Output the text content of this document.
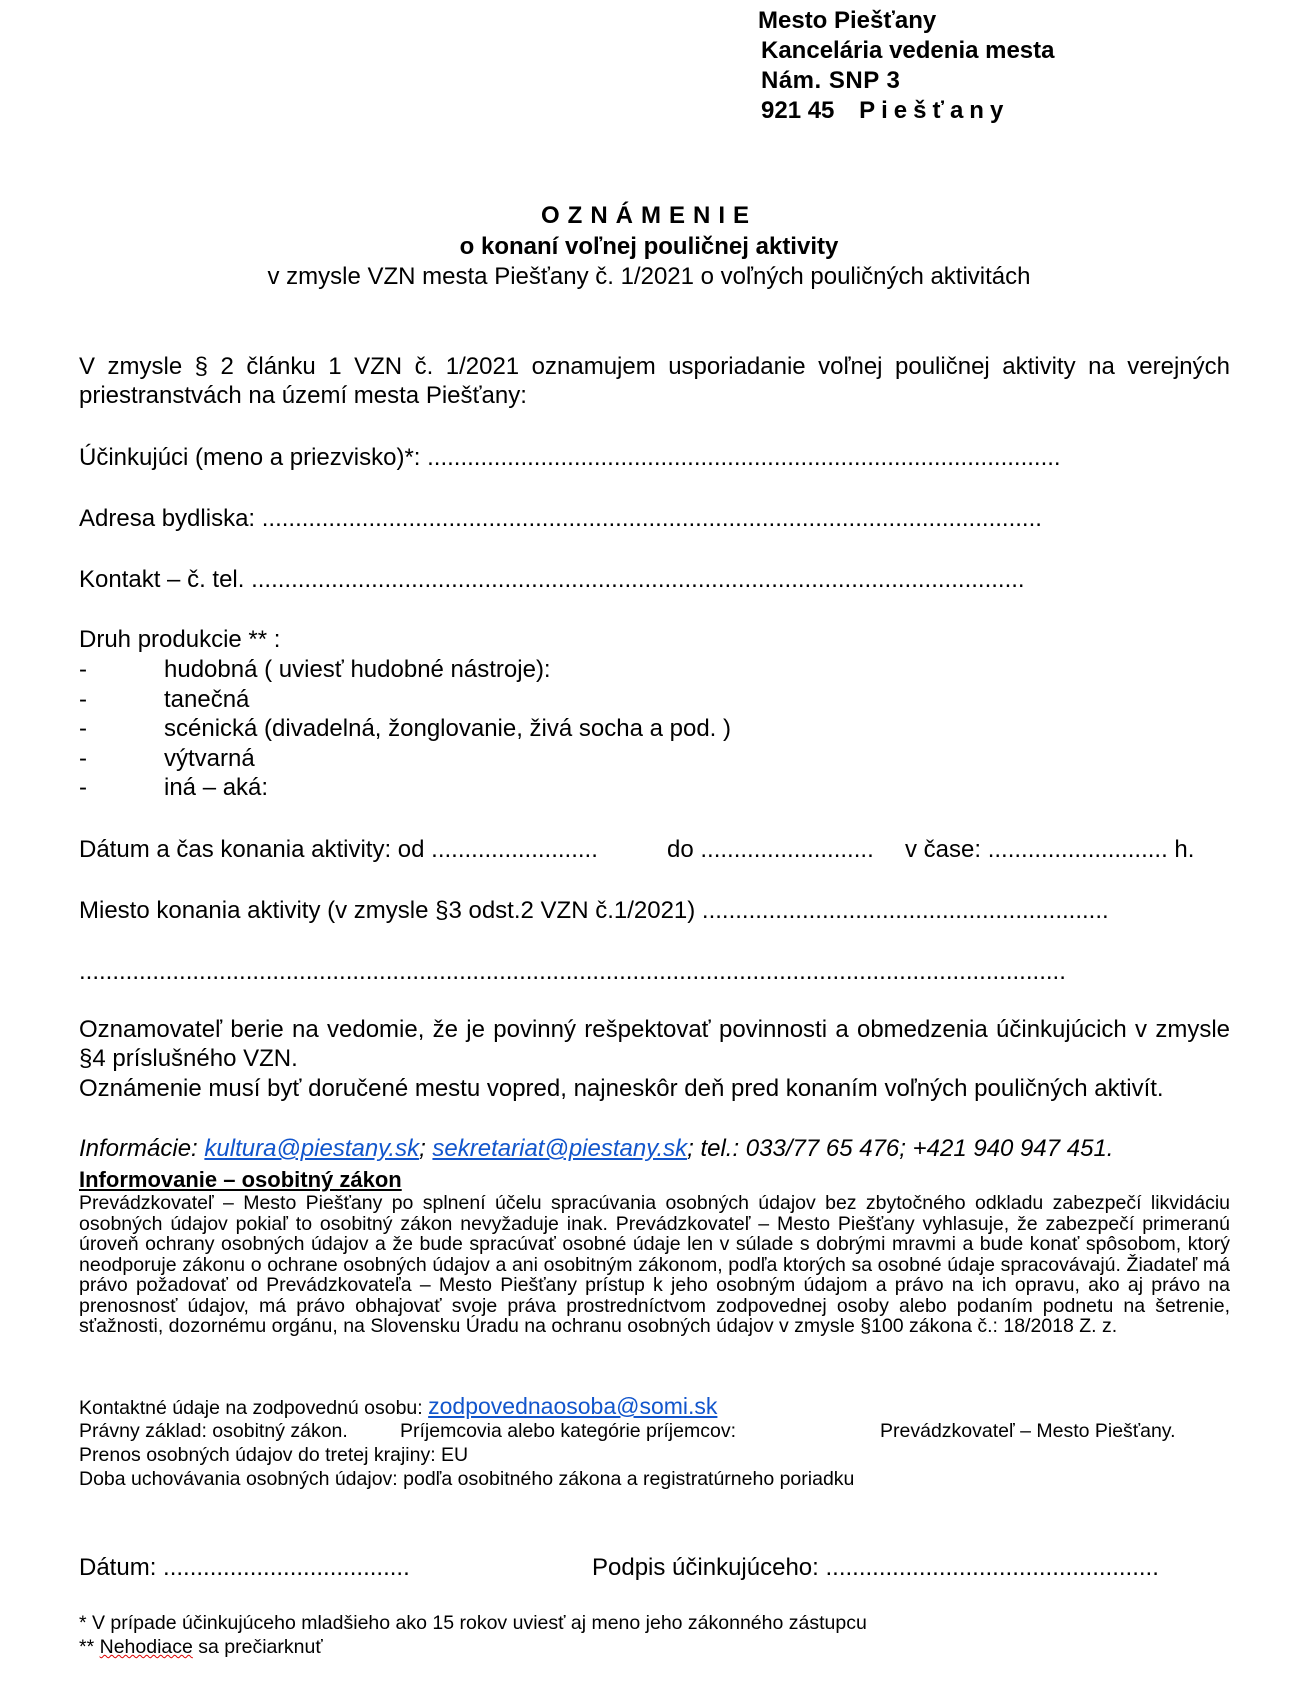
Mesto Piešťany
Kancelária vedenia mesta
Nám. SNP 3
921 45 Piešťany
OZNÁMENIE
o konaní voľnej pouličnej aktivity
v zmysle VZN mesta Piešťany č. 1/2021 o voľných pouličných aktivitách
V zmysle § 2 článku 1 VZN č. 1/2021 oznamujem usporiadanie voľnej pouličnej aktivity na verejných priestranstvách na území mesta Piešťany:
Účinkujúci (meno a priezvisko)*: ...............................................................................................
Adresa bydliska: .....................................................................................................................
Kontakt – č. tel. ....................................................................................................................
Druh produkcie ** :
-	hudobná ( uviesť hudobné nástroje):
-	tanečná
-	scénická (divadelná, žonglovanie, živá socha a pod. )
-	výtvarná
-	iná – aká:
Dátum a čas konania aktivity: od .........................	do .......................... v čase: ........................... h.
Miesto konania aktivity (v zmysle §3 odst.2 VZN č.1/2021) .............................................................
....................................................................................................................................................
Oznamovateľ berie na vedomie, že je povinný rešpektovať povinnosti a obmedzenia účinkujúcich v zmysle §4 príslušného VZN.
Oznámenie musí byť doručené mestu vopred, najneskôr deň pred konaním voľných pouličných aktivít.
Informácie: kultura@piestany.sk; sekretariat@piestany.sk; tel.: 033/77 65 476; +421 940 947 451.
Informovanie – osobitný zákon
Prevádzkovateľ – Mesto Piešťany po splnení účelu spracúvania osobných údajov bez zbytočného odkladu zabezpečí likvidáciu osobných údajov pokiaľ to osobitný zákon nevyžaduje inak. Prevádzkovateľ – Mesto Piešťany vyhlasuje, že zabezpečí primeranú úroveň ochrany osobných údajov a že bude spracúvať osobné údaje len v súlade s dobrými mravmi a bude konať spôsobom, ktorý neodporuje zákonu o ochrane osobných údajov a ani osobitným zákonom, podľa ktorých sa osobné údaje spracovávajú. Žiadateľ má právo požadovať od Prevádzkovateľa – Mesto Piešťany prístup k jeho osobným údajom a právo na ich opravu, ako aj právo na prenosnosť údajov, má právo obhajovať svoje práva prostredníctvom zodpovednej osoby alebo podaním podnetu na šetrenie, sťažnosti, dozornému orgánu, na Slovensku Úradu na ochranu osobných údajov v zmysle §100 zákona č.: 18/2018 Z. z.
Kontaktné údaje na zodpovednú osobu: zodpovednaosoba@somi.sk
Právny základ: osobitný zákon.	Príjemcovia alebo kategórie príjemcov:	Prevádzkovateľ – Mesto Piešťany.
Prenos osobných údajov do tretej krajiny: EU
Doba uchovávania osobných údajov: podľa osobitného zákona a registratúrneho poriadku
Dátum: .....................................	Podpis účinkujúceho: ..................................................
* V prípade účinkujúceho mladšieho ako 15 rokov uviesť aj meno jeho zákonného zástupcu
** Nehodiace sa prečiarknuť
